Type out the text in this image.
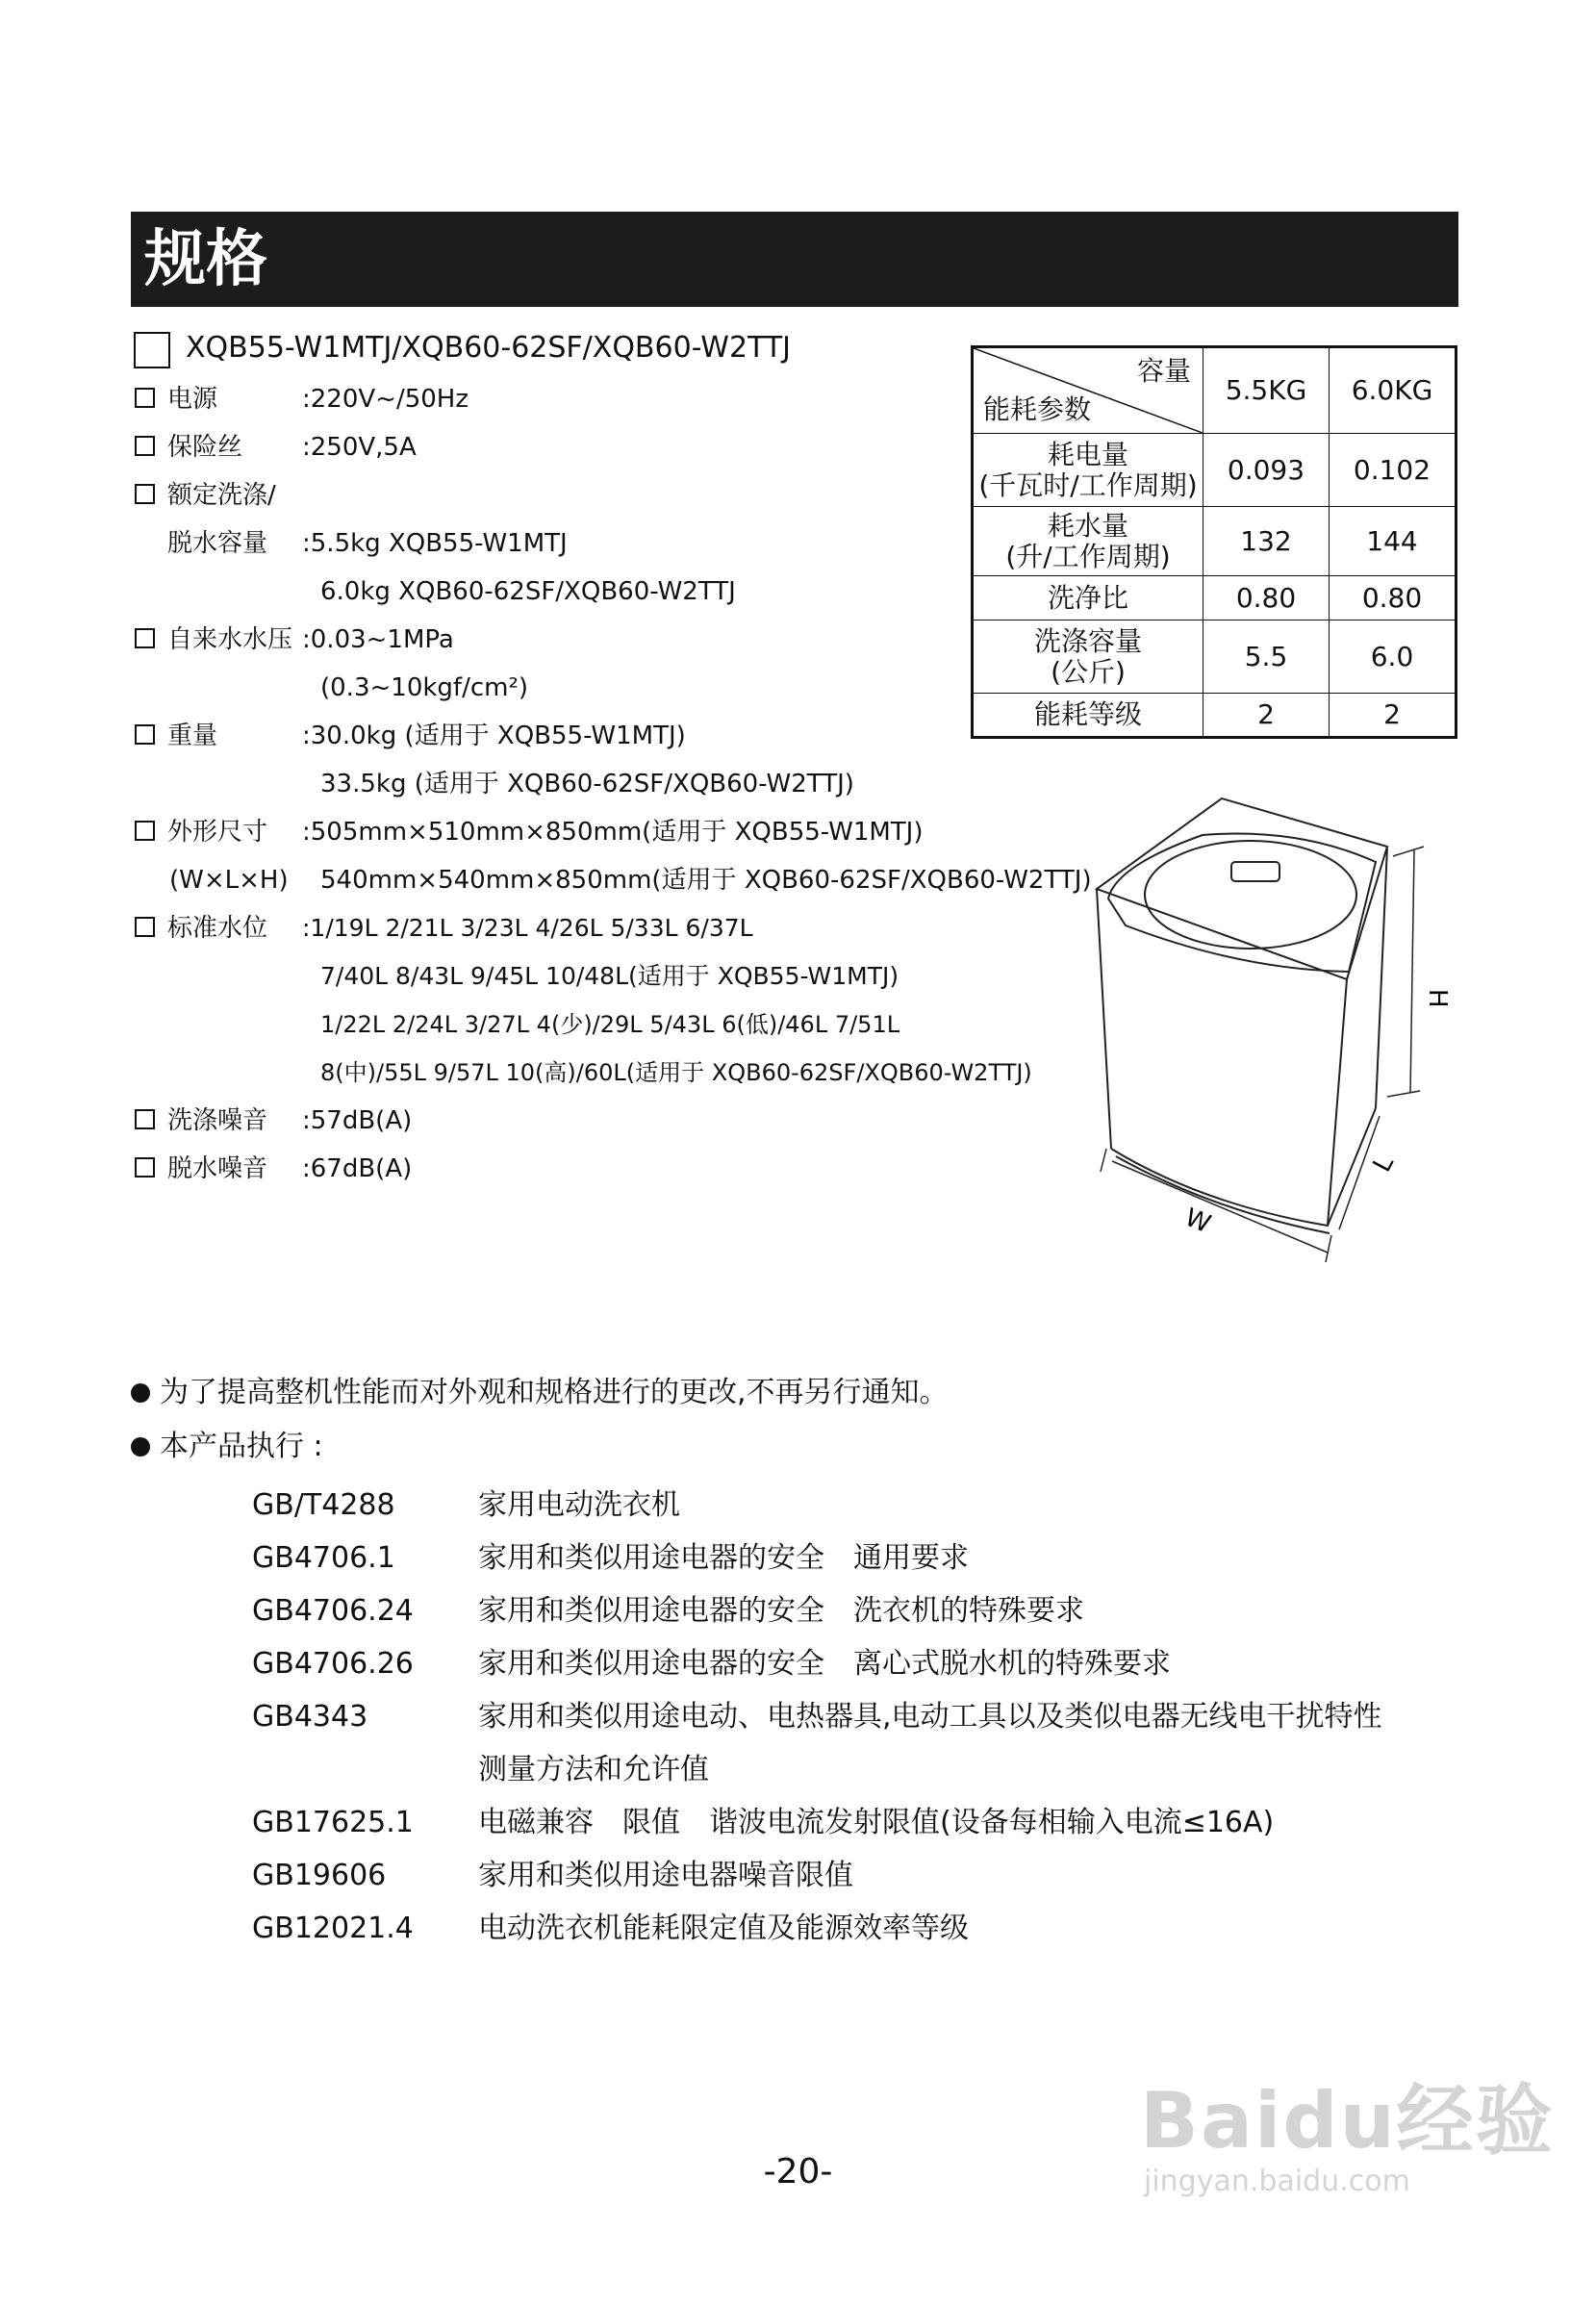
规格
XQB55-W1MTJ/XQB60-62SF/XQB60-W2TTJ
电源	:220V~/50Hz
保险丝 :250V,5A
额定洗涤/
脱水容量 :5.5kg XQB55-W1MTJ
6.0kg XQB60-62SF/XQB60-W2TTJ
自来水水压 :0.03~1MPa
(0.3~10kgf/cm²)
重量	:30.0kg (适用于 XQB55-W1MTJ)
33.5kg (适用于 XQB60-62SF/XQB60-W2TTJ)
外形尺寸 :505mm×510mm×850mm(适用于 XQB55-W1MTJ)
(W×L×H) 540mm×540mm×850mm(适用于 XQB60-62SF/XQB60-W2TTJ)
标准水位 :1/19L 2/21L 3/23L 4/26L 5/33L 6/37L
7/40L 8/43L 9/45L 10/48L(适用于 XQB55-W1MTJ)
1/22L 2/24L 3/27L 4(少)/29L 5/43L 6(低)/46L 7/51L
8(中)/55L 9/57L 10(高)/60L(适用于 XQB60-62SF/XQB60-W2TTJ)
洗涤噪音 :57dB(A)
脱水噪音 :67dB(A)
容量
能耗参数	5.5KG	6.0KG

耗电量
(千瓦时/工作周期)	0.093	0.102

耗水量
(升/工作周期)	132	144
洗净比	0.80	0.80

洗涤容量
(公斤)	5.5	6.0
能耗等级	2	2
H
L
W
为了提高整机性能而对外观和规格进行的更改,不再另行通知。
本产品执行 :
GB/T4288	家用电动洗衣机
GB4706.1	家用和类似用途电器的安全　通用要求
GB4706.24 家用和类似用途电器的安全　洗衣机的特殊要求
GB4706.26 家用和类似用途电器的安全　离心式脱水机的特殊要求
GB4343	家用和类似用途电动、电热器具,电动工具以及类似电器无线电干扰特性
测量方法和允许值
GB17625.1 电磁兼容　限值　谐波电流发射限值(设备每相输入电流≤16A)
GB19606	家用和类似用途电器噪音限值
GB12021.4 电动洗衣机能耗限定值及能源效率等级
-20-
Baidu经验
jingyan.baidu.com
